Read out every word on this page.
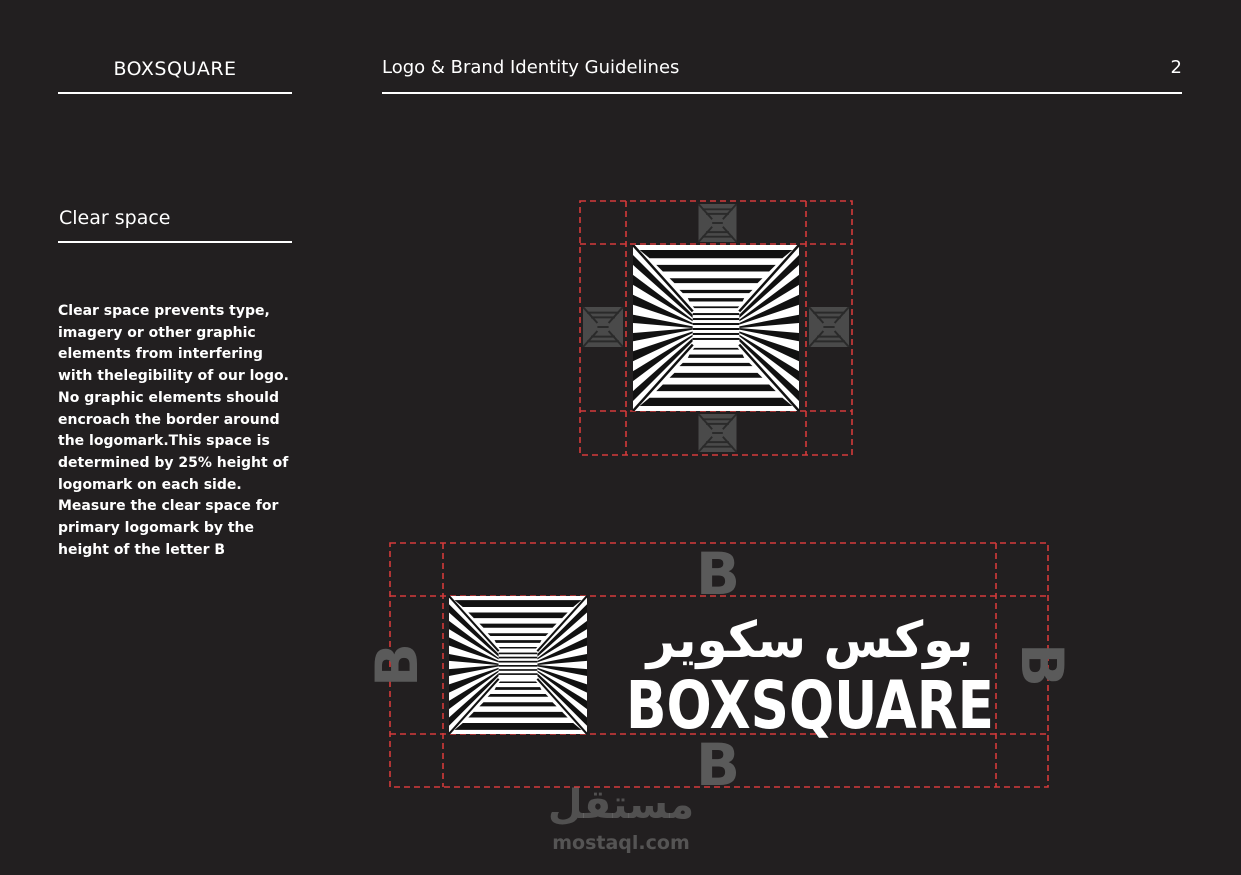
BOXSQUARE	Logo & Brand Identity Guidelines	2
Clear space
Clear space prevents type, imagery or other graphic elements from interfering with thelegibility of our logo. No graphic elements should encroach the border around the logomark.This space is determined by 25% height of logomark on each side. Measure the clear space for primary logomark by the height of the letter B
بوكس سكوير
BOXSQUARE
B
B
B	B
مستقل
mostaql.com
